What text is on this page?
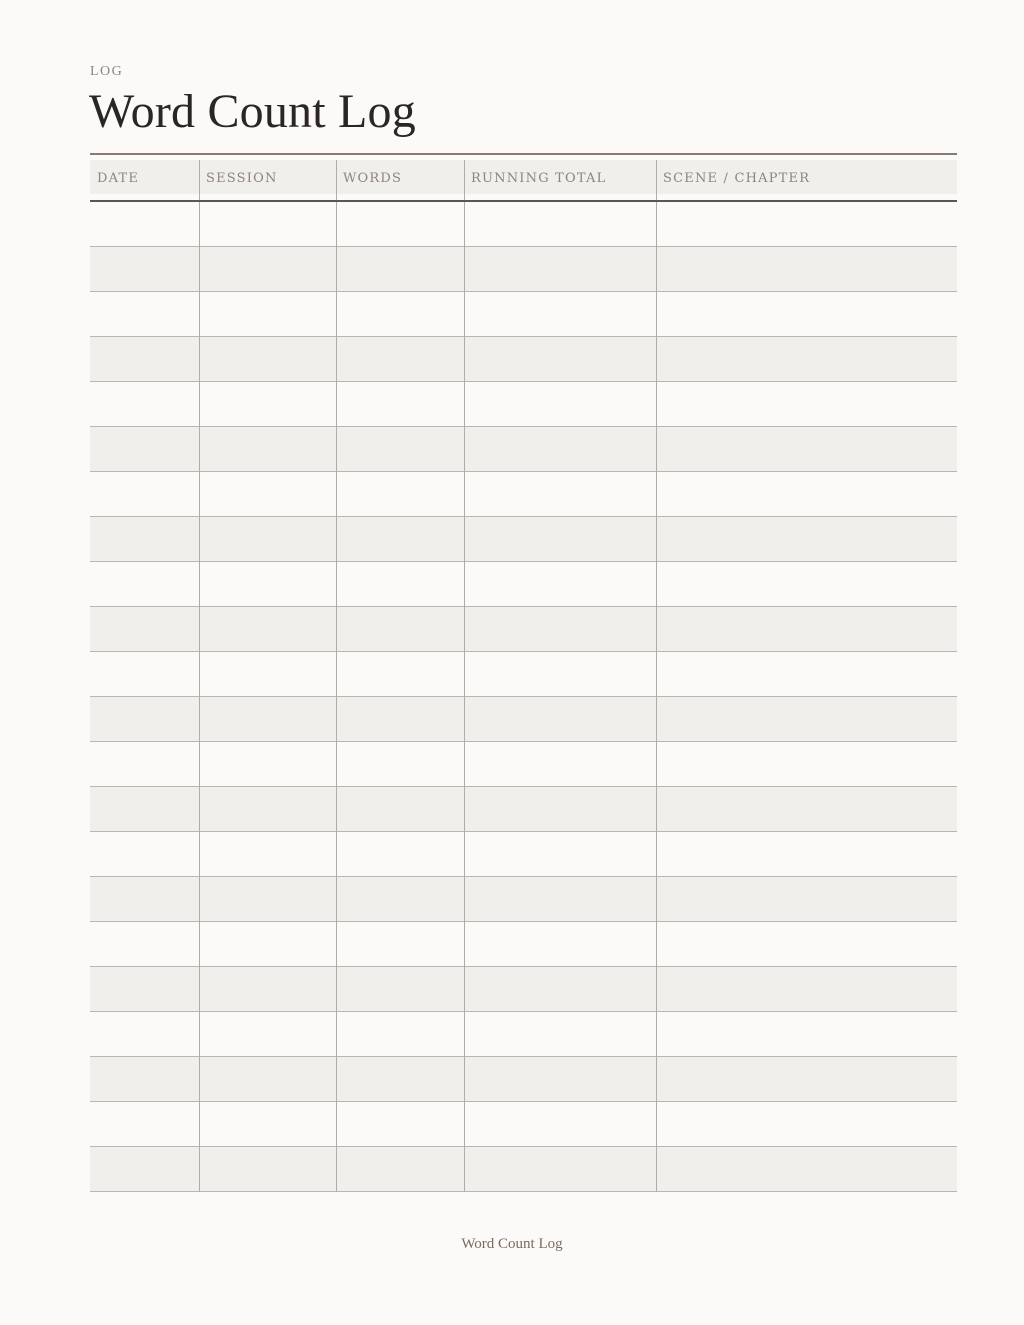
LOG
Word Count Log
DATE	SESSION	WORDS	RUNNING TOTAL	SCENE / CHAPTER
Word Count Log
